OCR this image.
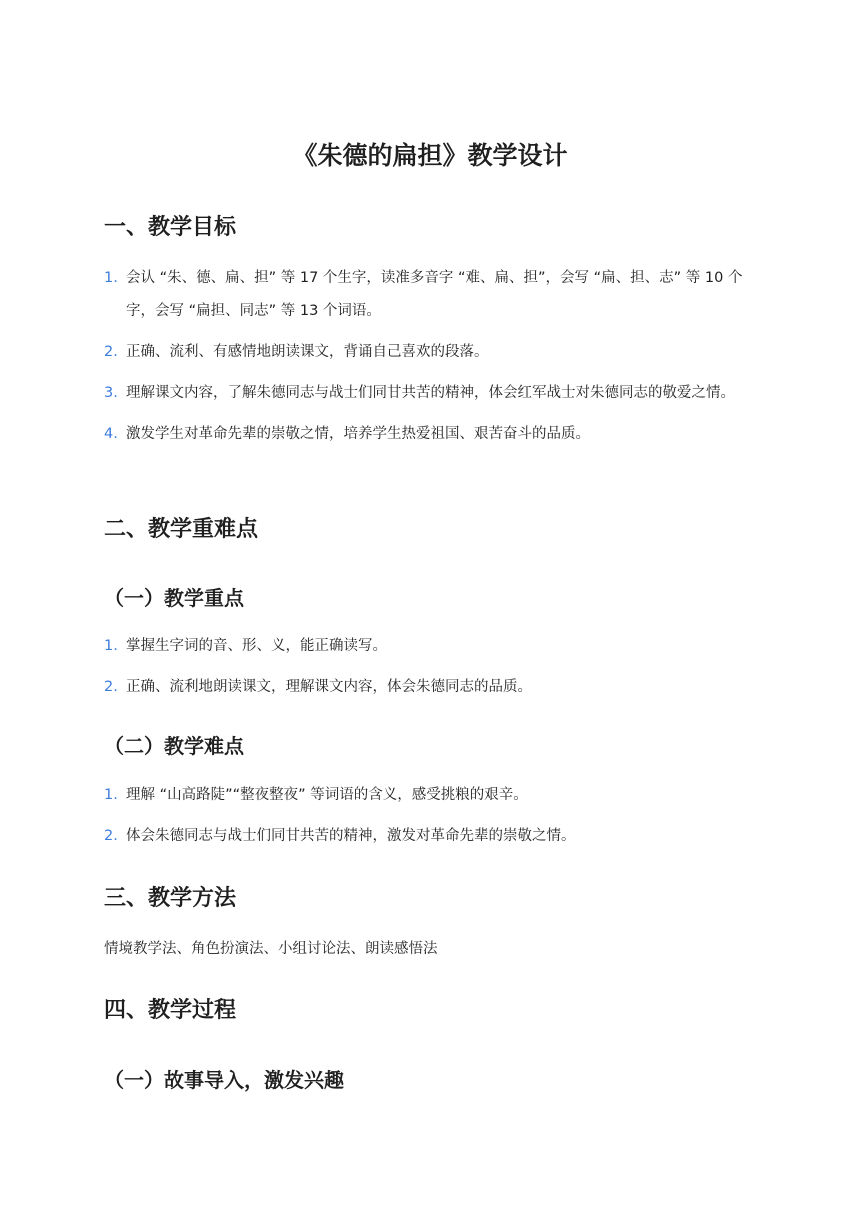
《朱德的扁担》教学设计
一、教学目标
1. 会认 “朱、德、扁、担” 等 17 个生字，读准多音字 “难、扁、担”，会写 “扁、担、志” 等 10 个字，会写 “扁担、同志” 等 13 个词语。
2. 正确、流利、有感情地朗读课文，背诵自己喜欢的段落。
3. 理解课文内容，了解朱德同志与战士们同甘共苦的精神，体会红军战士对朱德同志的敬爱之情。
4. 激发学生对革命先辈的崇敬之情，培养学生热爱祖国、艰苦奋斗的品质。
二、教学重难点
（一）教学重点
1. 掌握生字词的音、形、义，能正确读写。
2. 正确、流利地朗读课文，理解课文内容，体会朱德同志的品质。
（二）教学难点
1. 理解 “山高路陡”“整夜整夜” 等词语的含义，感受挑粮的艰辛。
2. 体会朱德同志与战士们同甘共苦的精神，激发对革命先辈的崇敬之情。
三、教学方法
情境教学法、角色扮演法、小组讨论法、朗读感悟法
四、教学过程
（一）故事导入，激发兴趣
